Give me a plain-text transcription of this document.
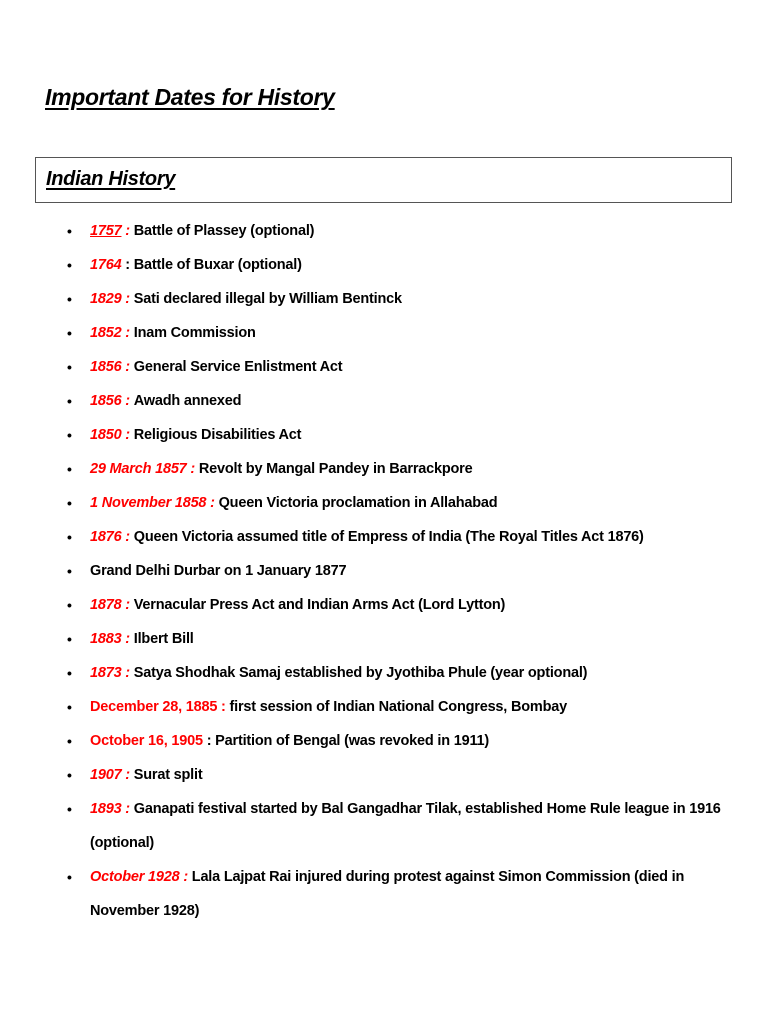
Important Dates for History
Indian History
• 1757 : Battle of Plassey (optional)
• 1764 : Battle of Buxar (optional)
• 1829 : Sati declared illegal by William Bentinck
• 1852 : Inam Commission
• 1856 : General Service Enlistment Act
• 1856 : Awadh annexed
• 1850 : Religious Disabilities Act
• 29 March 1857 : Revolt by Mangal Pandey in Barrackpore
• 1 November 1858 : Queen Victoria proclamation in Allahabad
• 1876 : Queen Victoria assumed title of Empress of India (The Royal Titles Act 1876)
• Grand Delhi Durbar on 1 January 1877
• 1878 : Vernacular Press Act and Indian Arms Act (Lord Lytton)
• 1883 : Ilbert Bill
• 1873 : Satya Shodhak Samaj established by Jyothiba Phule (year optional)
• December 28, 1885 : first session of Indian National Congress, Bombay
• October 16, 1905 : Partition of Bengal (was revoked in 1911)
• 1907 : Surat split
• 1893 : Ganapati festival started by Bal Gangadhar Tilak, established Home Rule league in 1916 (optional)
• October 1928 : Lala Lajpat Rai injured during protest against Simon Commission (died in November 1928)
